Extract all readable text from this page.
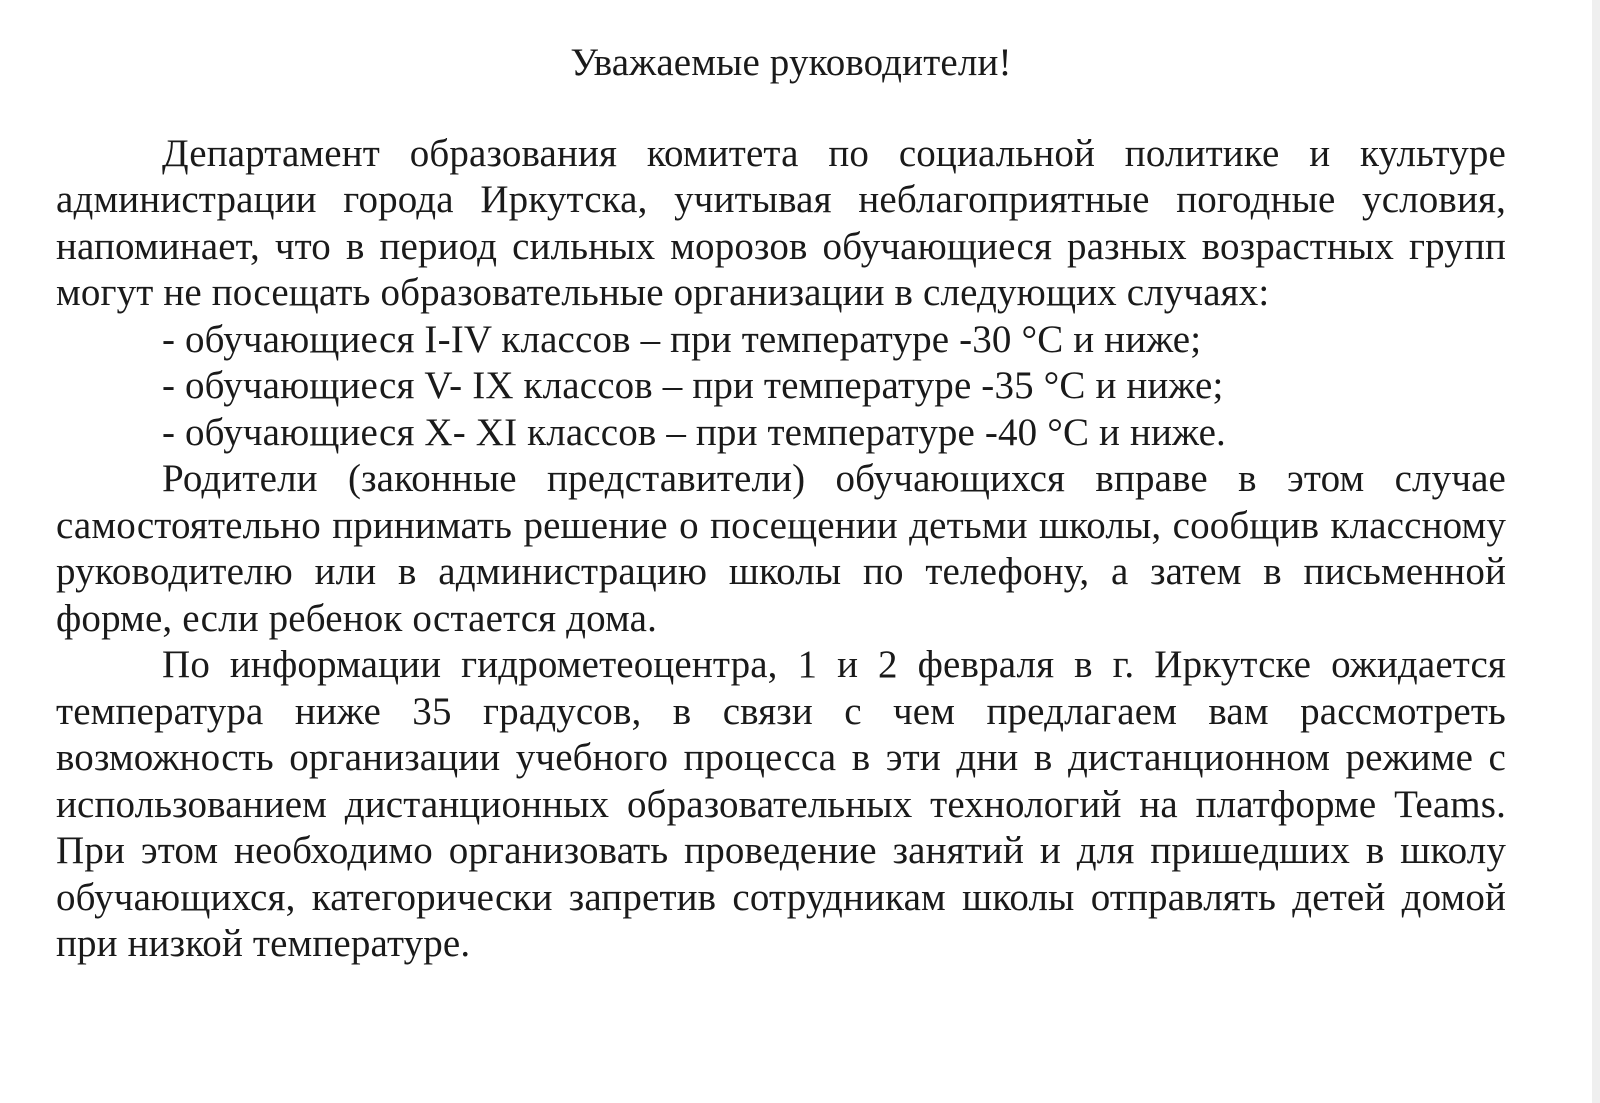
Уважаемые руководители!

Департамент образования комитета по социальной политике и культуре администрации города Иркутска, учитывая неблагоприятные погодные условия, напоминает, что в период сильных морозов обучающиеся разных возрастных групп могут не посещать образовательные организации в следующих случаях:

- обучающиеся I-IV классов – при температуре -30 °С и ниже;

- обучающиеся V- IX классов – при температуре -35 °С и ниже;

- обучающиеся X- XI классов – при температуре -40 °С и ниже.

Родители (законные представители) обучающихся вправе в этом случае самостоятельно принимать решение о посещении детьми школы, сообщив классному руководителю или в администрацию школы по телефону, а затем в письменной форме, если ребенок остается дома.

По информации гидрометеоцентра, 1 и 2 февраля в г. Иркутске ожидается температура ниже 35 градусов, в связи с чем предлагаем вам рассмотреть возможность организации учебного процесса в эти дни в дистанционном режиме с использованием дистанционных образовательных технологий на платформе Teams. При этом необходимо организовать проведение занятий и для пришедших в школу обучающихся, категорически запретив сотрудникам школы отправлять детей домой при низкой температуре.
